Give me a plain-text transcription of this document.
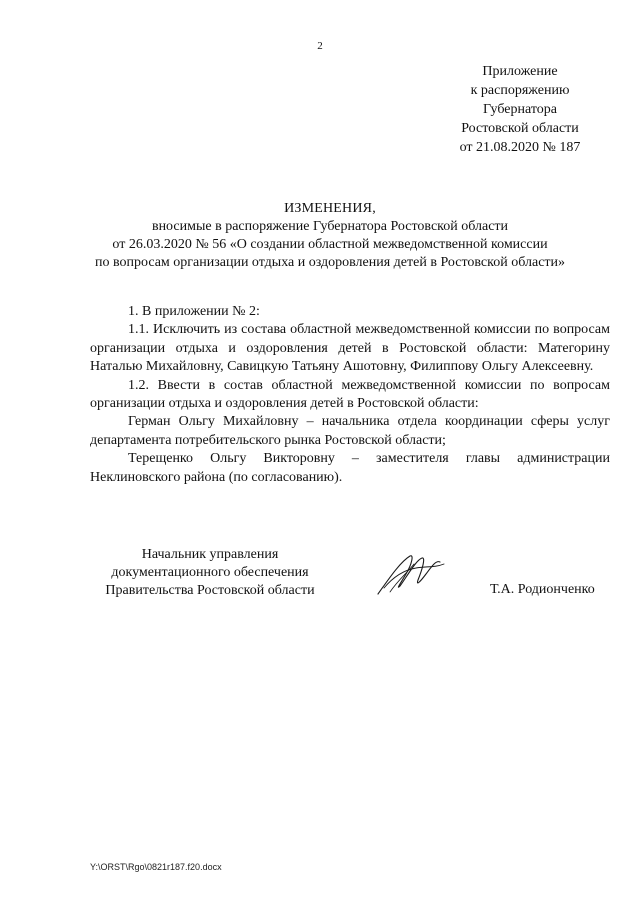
2
Приложение
к распоряжению
Губернатора
Ростовской области
от 21.08.2020 № 187
ИЗМЕНЕНИЯ,
вносимые в распоряжение Губернатора Ростовской области
от 26.03.2020 № 56 «О создании областной межведомственной комиссии
по вопросам организации отдыха и оздоровления детей в Ростовской области»

1. В приложении № 2:

1.1. Исключить из состава областной межведомственной комиссии по вопросам организации отдыха и оздоровления детей в Ростовской области: Матегорину Наталью Михайловну, Савицкую Татьяну Ашотовну, Филиппову Ольгу Алексеевну.

1.2. Ввести в состав областной межведомственной комиссии по вопросам организации отдыха и оздоровления детей в Ростовской области:

Герман Ольгу Михайловну – начальника отдела координации сферы услуг департамента потребительского рынка Ростовской области;

Терещенко Ольгу Викторовну – заместителя главы администрации Неклиновского района (по согласованию).

Начальник управления
документационного обеспечения
Правительства Ростовской области	Т.А. Родионченко
Y:\ORST\Rgo\0821r187.f20.docx
